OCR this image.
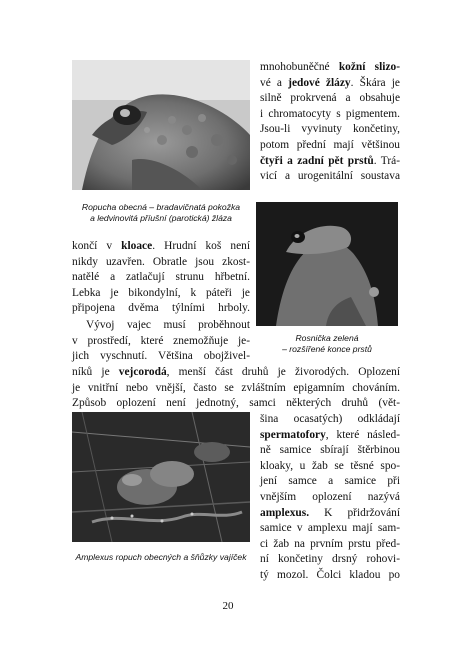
Ropucha obecná – bradavičnatá pokožka
a ledvinovitá příušní (parotická) žláza

mnohobuněčné kožní slizo-

vé a jedové žlázy. Škára je

silně prokrvená a obsahuje

i chromatocyty s pigmentem.

Jsou-li vyvinuty končetiny,

potom přední mají většinou

čtyři a zadní pět prstů. Trá-

vicí a urogenitální soustava

Rosnička zelená
– rozšířené konce prstů

končí v kloace. Hrudní koš není

nikdy uzavřen. Obratle jsou zkost-

natělé a zatlačují strunu hřbetní.

Lebka je bikondylní, k páteři je

připojena dvěma týlními hrboly.

Vývoj vajec musí proběhnout

v prostředí, které znemožňuje je-

jich vyschnutí. Většina obojživel-

níků je vejcorodá, menší část druhů je živorodých. Oplození

je vnitřní nebo vnější, často se zvláštním epigamním chováním.

Způsob oplození není jednotný, samci některých druhů (vět-

Amplexus ropuch obecných a šňůzky vajíček

šina ocasatých) odkládají

spermatofory, které násled-

ně samice sbírají štěrbinou

kloaky, u žab se těsné spo-

jení samce a samice při

vnějším oplození nazývá

amplexus. K přidržování

samice v amplexu mají sam-

ci žab na prvním prstu před-

ní končetiny drsný rohovi-

tý mozol. Čolci kladou po

20
